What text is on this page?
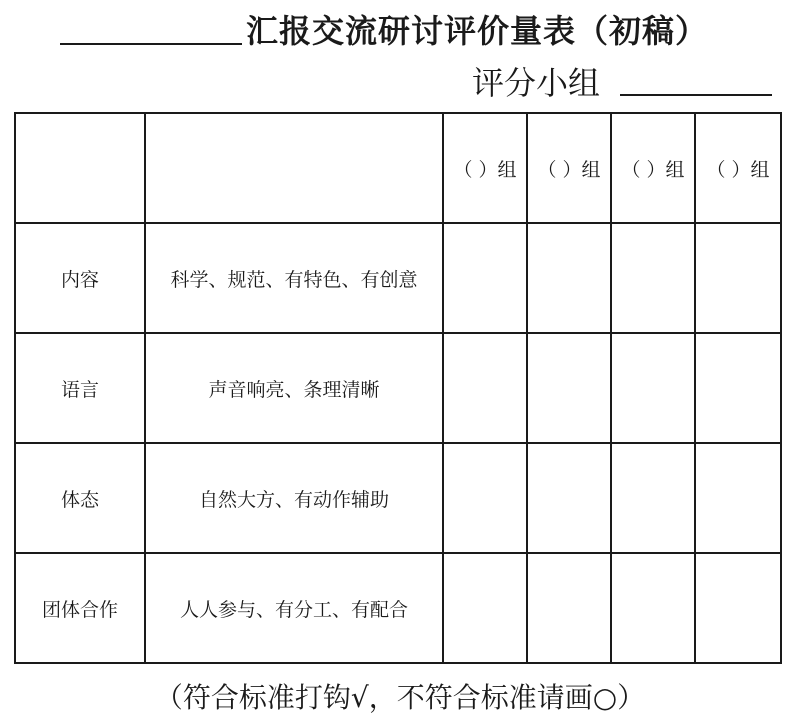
汇报交流研讨评价量表（初稿）
评分小组
		（ ）组	（ ）组	（ ）组	（ ）组
内容	科学、规范、有特色、有创意				
语言	声音响亮、条理清晰				
体态	自然大方、有动作辅助				
团体合作	人人参与、有分工、有配合				
（符合标准打钩√，不符合标准请画○）
